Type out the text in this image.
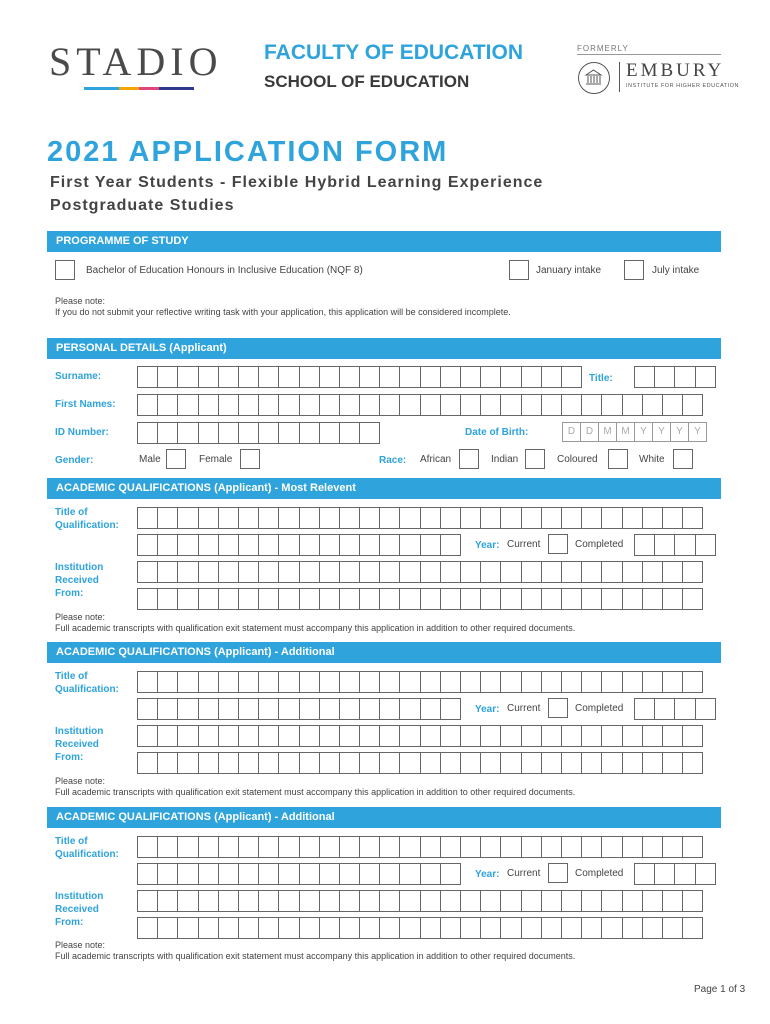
STADIO FACULTY OF EDUCATION
SCHOOL OF EDUCATION
FORMERLY
EMBURY
INSTITUTE FOR HIGHER EDUCATION
2021 APPLICATION FORM
First Year Students - Flexible Hybrid Learning Experience
Postgraduate Studies
PROGRAMME OF STUDY
Bachelor of Education Honours in Inclusive Education (NQF 8)	January intake	July intake
Please note:
If you do not submit your reflective writing task with your application, this application will be considered incomplete.
PERSONAL DETAILS (Applicant)
Surname:	Title:
First Names:
ID Number:	Date of Birth:	D	D	M M	Y	Y	Y	Y
Gender:	Male	Female	Race: African	Indian	Coloured	White
ACADEMIC QUALIFICATIONS (Applicant) - Most Relevent
Title of
Qualification:
Year: Current	Completed
Institution
Received
From:
Please note:
Full academic transcripts with qualification exit statement must accompany this application in addition to other required documents.
ACADEMIC QUALIFICATIONS (Applicant) - Additional
Title of
Qualification:
Year: Current	Completed
Institution
Received
From:
Please note:
Full academic transcripts with qualification exit statement must accompany this application in addition to other required documents.
ACADEMIC QUALIFICATIONS (Applicant) - Additional
Title of
Qualification:
Year: Current	Completed
Institution
Received
From:
Please note:
Full academic transcripts with qualification exit statement must accompany this application in addition to other required documents.
Page 1 of 3
